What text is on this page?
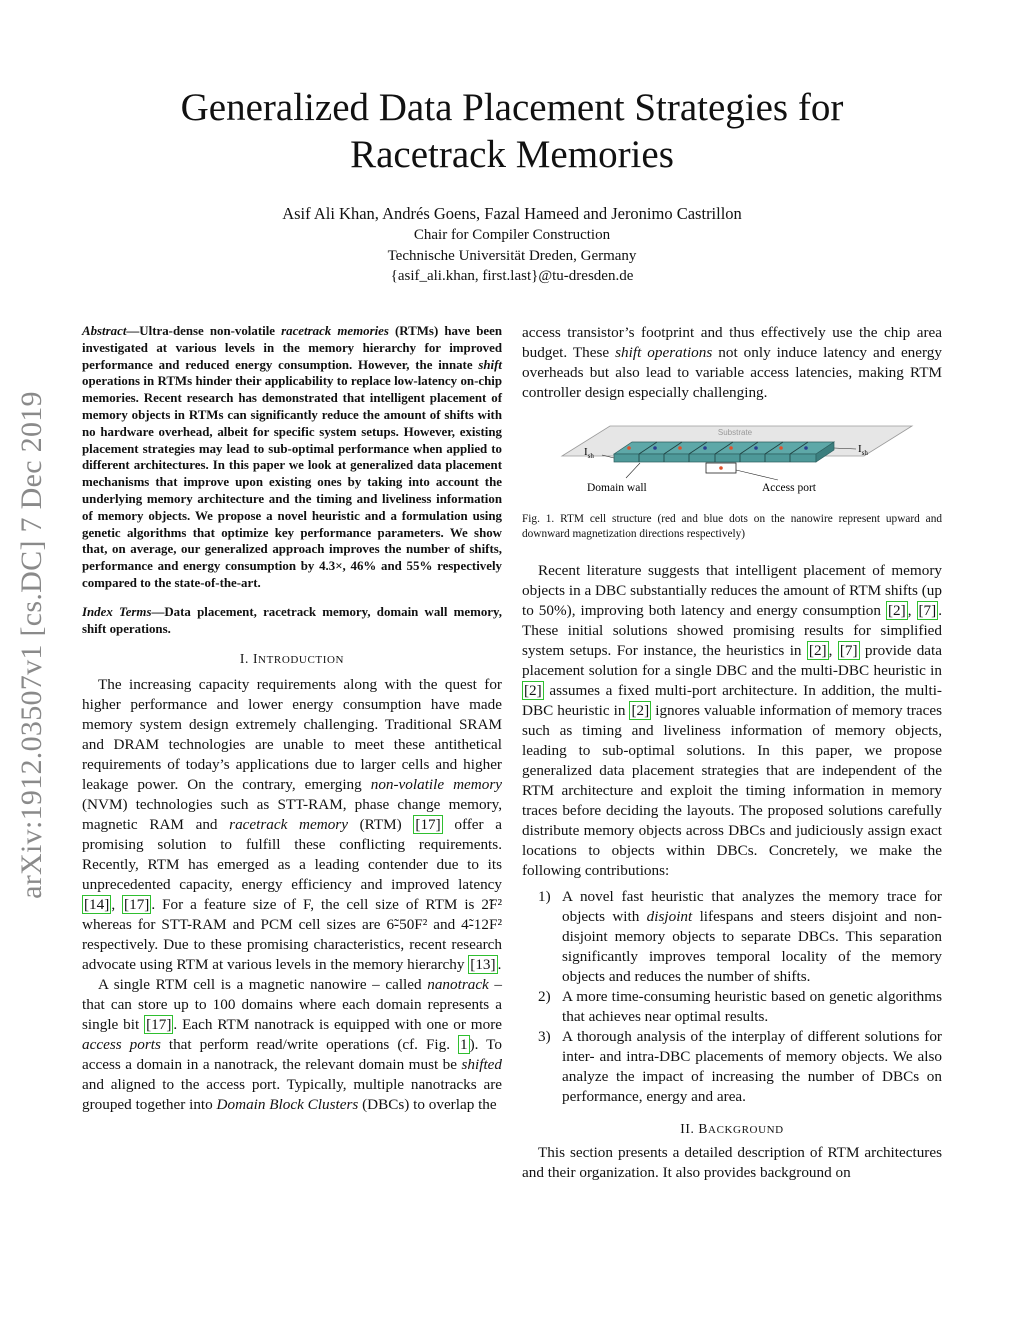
arXiv:1912.03507v1 [cs.DC] 7 Dec 2019
Generalized Data Placement Strategies for
Racetrack Memories
Asif Ali Khan, Andrés Goens, Fazal Hameed and Jeronimo Castrillon
Chair for Compiler Construction
Technische Universität Dreden, Germany
{asif_ali.khan, first.last}@tu-dresden.de

Abstract—Ultra-dense non-volatile racetrack memories (RTMs) have been investigated at various levels in the memory hierarchy for improved performance and reduced energy consumption. However, the innate shift operations in RTMs hinder their applicability to replace low-latency on-chip memories. Recent research has demonstrated that intelligent placement of memory objects in RTMs can significantly reduce the amount of shifts with no hardware overhead, albeit for specific system setups. However, existing placement strategies may lead to sub-optimal performance when applied to different architectures. In this paper we look at generalized data placement mechanisms that improve upon existing ones by taking into account the underlying memory architecture and the timing and liveliness information of memory objects. We propose a novel heuristic and a formulation using genetic algorithms that optimize key performance parameters. We show that, on average, our generalized approach improves the number of shifts, performance and energy consumption by 4.3×, 46% and 55% respectively compared to the state-of-the-art.

Index Terms—Data placement, racetrack memory, domain wall memory, shift operations.

I. INTRODUCTION

The increasing capacity requirements along with the quest for higher performance and lower energy consumption have made memory system design extremely challenging. Traditional SRAM and DRAM technologies are unable to meet these antithetical requirements of today’s applications due to larger cells and higher leakage power. On the contrary, emerging non-volatile memory (NVM) technologies such as STT-RAM, phase change memory, magnetic RAM and racetrack memory (RTM) [17] offer a promising solution to fulfill these conflicting requirements. Recently, RTM has emerged as a leading contender due to its unprecedented capacity, energy efficiency and improved latency [14] , [17] . For a feature size of F, the cell size of RTM is 2̃F² whereas for STT-RAM and PCM cell sizes are 6̃-50F² and 4̃-12F² respectively. Due to these promising characteristics, recent research advocate using RTM at various levels in the memory hierarchy [13] .

A single RTM cell is a magnetic nanowire – called nanotrack – that can store up to 100 domains where each domain represents a single bit [17] . Each RTM nanotrack is equipped with one or more access ports that perform read/write operations (cf. Fig. 1 ). To access a domain in a nanotrack, the relevant domain must be shifted and aligned to the access port. Typically, multiple nanotracks are grouped together into Domain Block Clusters (DBCs) to overlap the

access transistor’s footprint and thus effectively use the chip area budget. These shift operations not only induce latency and energy overheads but also lead to variable access latencies, making RTM controller design especially challenging.

Substrate
$I_{sh}$
$I_{sh}$
Domain wall	Access port

Fig. 1. RTM cell structure (red and blue dots on the nanowire represent upward and downward magnetization directions respectively)

Recent literature suggests that intelligent placement of memory objects in a DBC substantially reduces the amount of RTM shifts (up to 50%), improving both latency and energy consumption [2] , [7] . These initial solutions showed promising results for simplified system setups. For instance, the heuristics in [2] , [7] provide data placement solution for a single DBC and the multi-DBC heuristic in [2] assumes a fixed multi-port architecture. In addition, the multi-DBC heuristic in [2] ignores valuable information of memory traces such as timing and liveliness information of memory objects, leading to sub-optimal solutions. In this paper, we propose generalized data placement strategies that are independent of the RTM architecture and exploit the timing information in memory traces before deciding the layouts. The proposed solutions carefully distribute memory objects across DBCs and judiciously assign exact locations to objects within DBCs. Concretely, we make the following contributions:

1) A novel fast heuristic that analyzes the memory trace for objects with disjoint lifespans and steers disjoint and non-disjoint memory objects to separate DBCs. This separation significantly improves temporal locality of the memory objects and reduces the number of shifts.
2) A more time-consuming heuristic based on genetic algorithms that achieves near optimal results.
3) A thorough analysis of the interplay of different solutions for inter- and intra-DBC placements of memory objects. We also analyze the impact of increasing the number of DBCs on performance, energy and area.
II. BACKGROUND

This section presents a detailed description of RTM architectures and their organization. It also provides background on
